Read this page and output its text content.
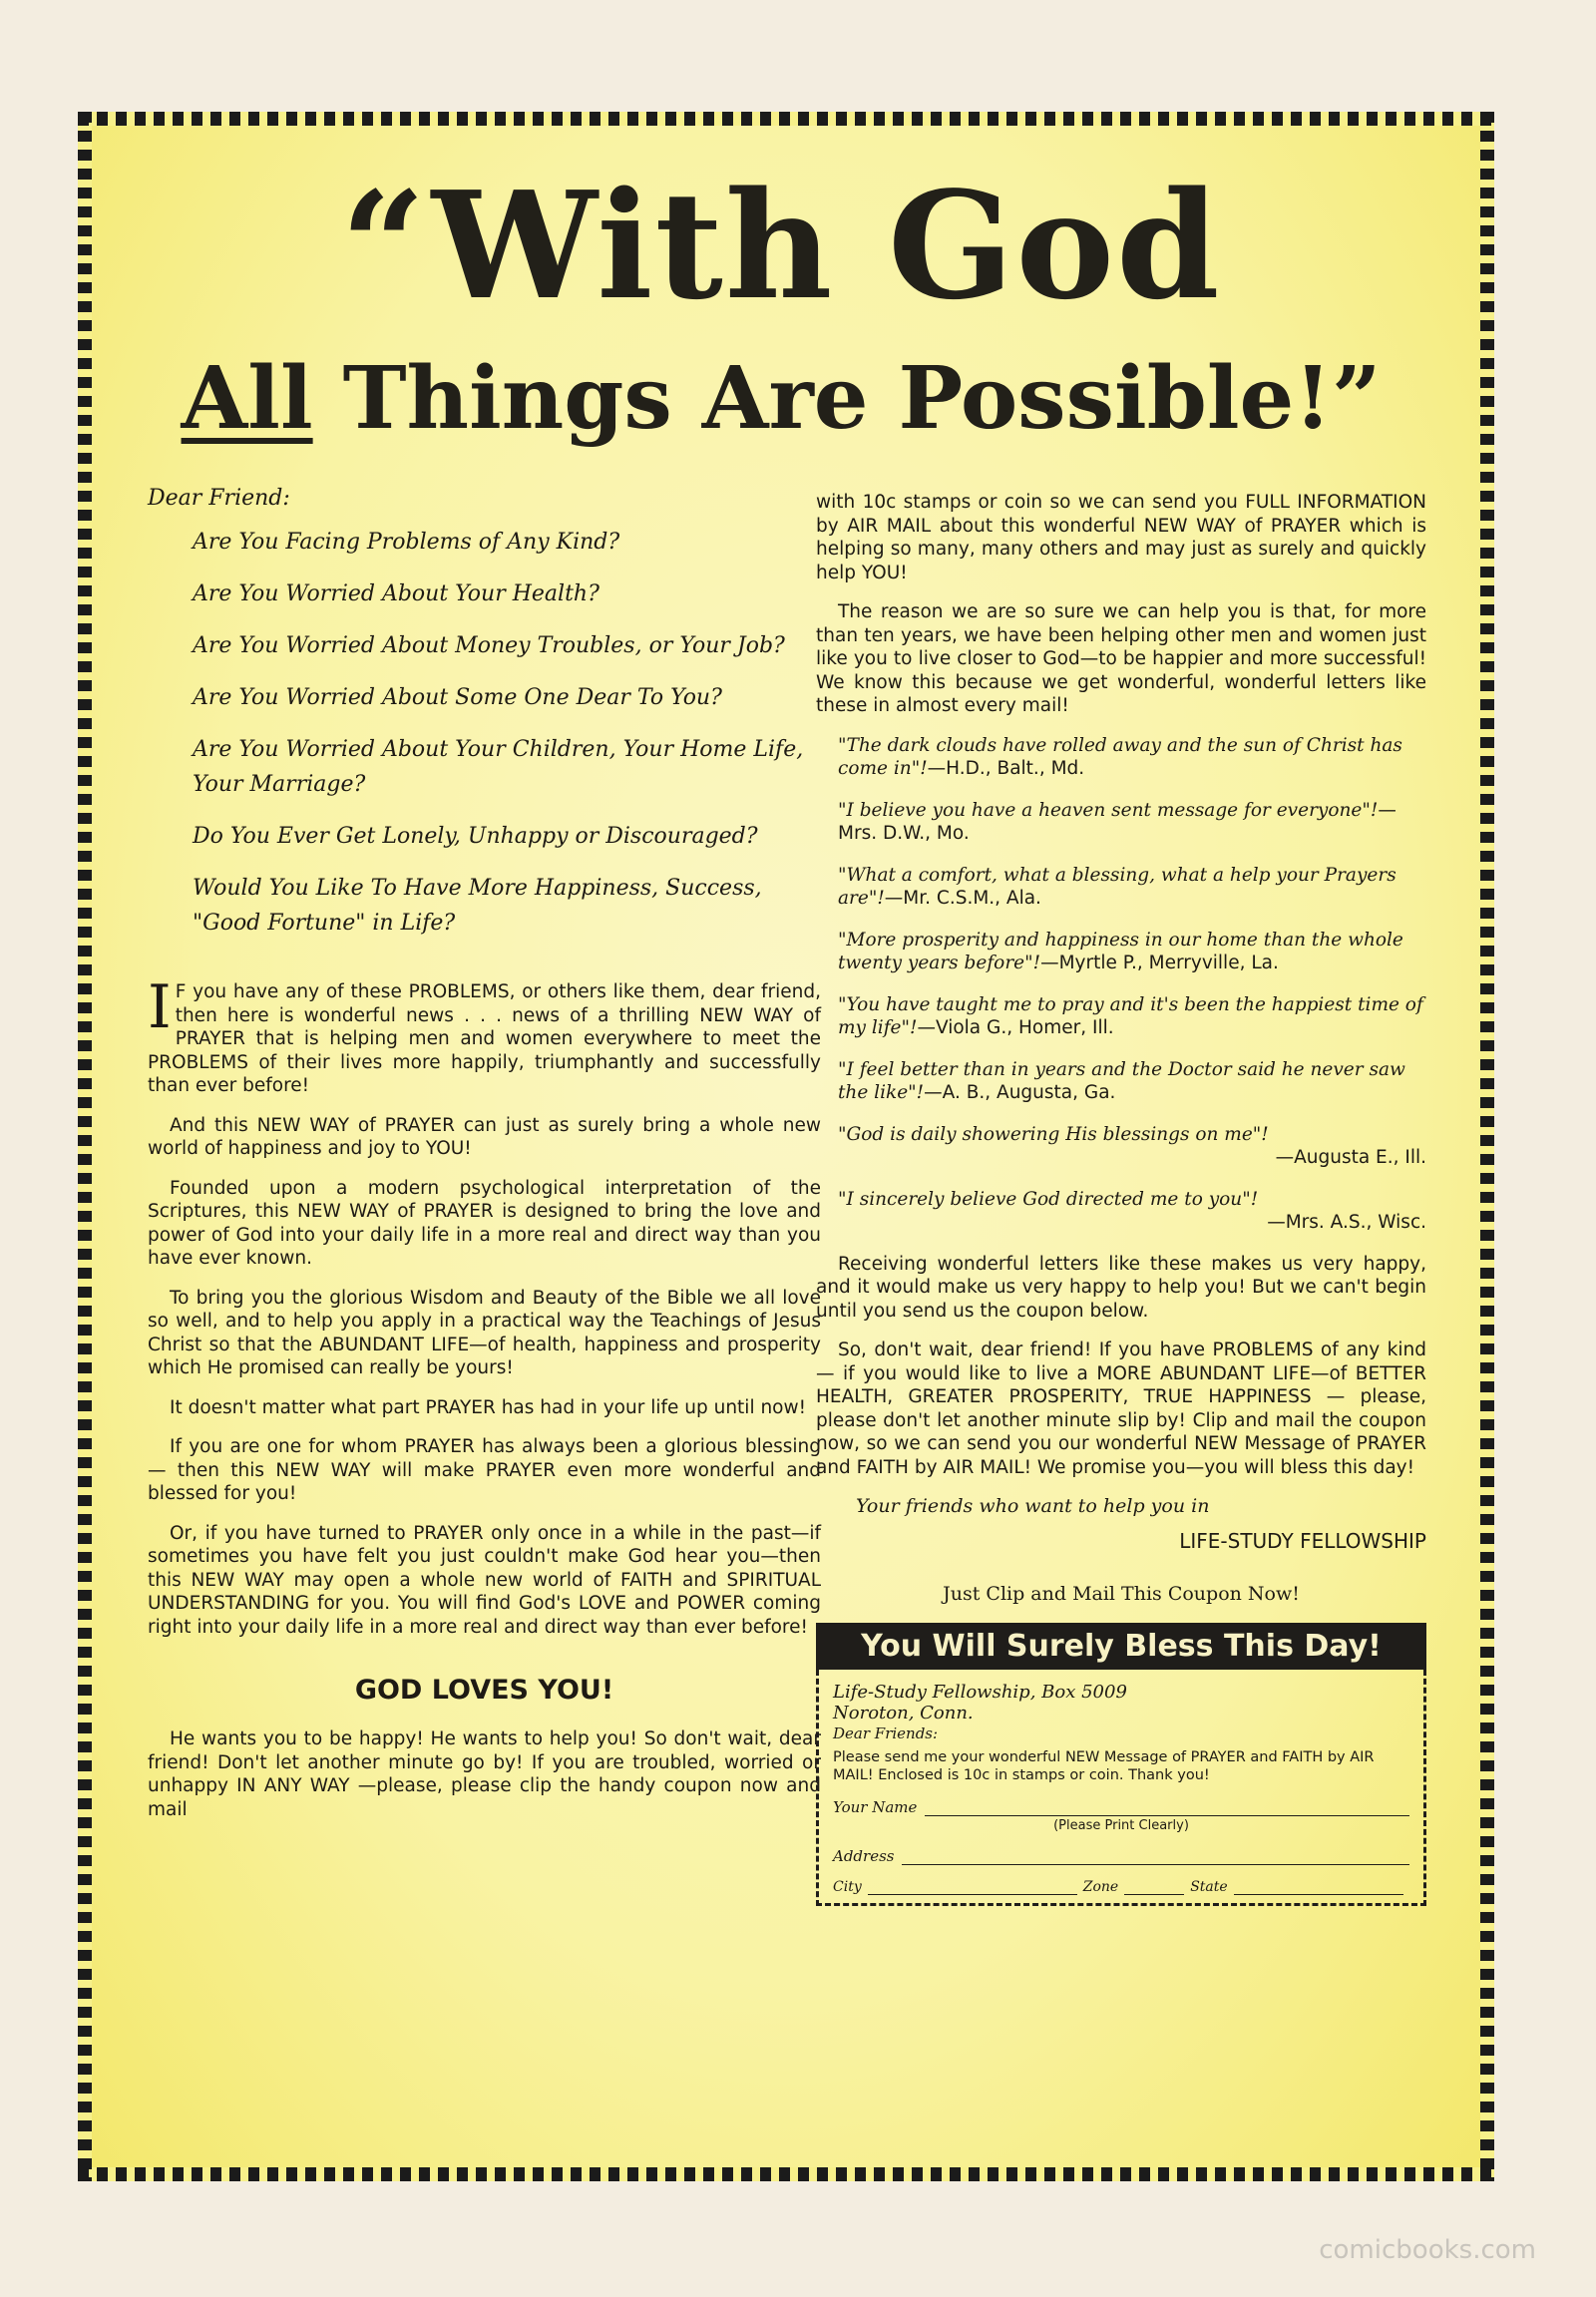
“With God
All Things Are Possible!”

Dear Friend:

Are You Facing Problems of Any Kind?

Are You Worried About Your Health?

Are You Worried About Money Troubles, or Your Job?

Are You Worried About Some One Dear To You?

Are You Worried About Your Children, Your Home Life, Your Marriage?

Do You Ever Get Lonely, Unhappy or Discouraged?

Would You Like To Have More Happiness, Success, "Good Fortune" in Life?

I F you have any of these PROBLEMS, or others like them, dear friend, then here is wonderful news . . . news of a thrilling NEW WAY of PRAYER that is helping men and women everywhere to meet the PROBLEMS of their lives more happily, triumphantly and successfully than ever before!

And this NEW WAY of PRAYER can just as surely bring a whole new world of happiness and joy to YOU!

Founded upon a modern psychological interpretation of the Scriptures, this NEW WAY of PRAYER is designed to bring the love and power of God into your daily life in a more real and direct way than you have ever known.

To bring you the glorious Wisdom and Beauty of the Bible we all love so well, and to help you apply in a practical way the Teachings of Jesus Christ so that the ABUNDANT LIFE—of health, happiness and prosperity which He promised can really be yours!

It doesn't matter what part PRAYER has had in your life up until now!

If you are one for whom PRAYER has always been a glorious blessing — then this NEW WAY will make PRAYER even more wonderful and blessed for you!

Or, if you have turned to PRAYER only once in a while in the past—if sometimes you have felt you just couldn't make God hear you—then this NEW WAY may open a whole new world of FAITH and SPIRITUAL UNDERSTANDING for you. You will find God's LOVE and POWER coming right into your daily life in a more real and direct way than ever before!

GOD LOVES YOU!

He wants you to be happy! He wants to help you! So don't wait, dear friend! Don't let another minute go by! If you are troubled, worried or unhappy IN ANY WAY —please, please clip the handy coupon now and mail

with 10c stamps or coin so we can send you FULL INFORMATION by AIR MAIL about this wonderful NEW WAY of PRAYER which is helping so many, many others and may just as surely and quickly help YOU!

The reason we are so sure we can help you is that, for more than ten years, we have been helping other men and women just like you to live closer to God—to be happier and more successful! We know this because we get wonderful, wonderful letters like these in almost every mail!

"The dark clouds have rolled away and the sun of Christ has come in"!—H.D., Balt., Md.

"I believe you have a heaven sent message for everyone"!—Mrs. D.W., Mo.

"What a comfort, what a blessing, what a help your Prayers are"!—Mr. C.S.M., Ala.

"More prosperity and happiness in our home than the whole twenty years before"!—Myrtle P., Merryville, La.

"You have taught me to pray and it's been the happiest time of my life"!—Viola G., Homer, Ill.

"I feel better than in years and the Doctor said he never saw the like"!—A. B., Augusta, Ga.

"God is daily showering His blessings on me"!
—Augusta E., Ill.
"I sincerely believe God directed me to you"!
—Mrs. A.S., Wisc.

Receiving wonderful letters like these makes us very happy, and it would make us very happy to help you! But we can't begin until you send us the coupon below.

So, don't wait, dear friend! If you have PROBLEMS of any kind — if you would like to live a MORE ABUNDANT LIFE—of BETTER HEALTH, GREATER PROSPERITY, TRUE HAPPINESS — please, please don't let another minute slip by! Clip and mail the coupon now, so we can send you our wonderful NEW Message of PRAYER and FAITH by AIR MAIL! We promise you—you will bless this day!

Your friends who want to help you in

LIFE-STUDY FELLOWSHIP

Just Clip and Mail This Coupon Now!

You Will Surely Bless This Day!
Life-Study Fellowship, Box 5009
Noroton, Conn.
Dear Friends:
Please send me your wonderful NEW Message of PRAYER and FAITH by AIR MAIL! Enclosed is 10c in stamps or coin. Thank you!
Your Name
(Please Print Clearly)
Address
City	Zone	State
comicbooks.com
